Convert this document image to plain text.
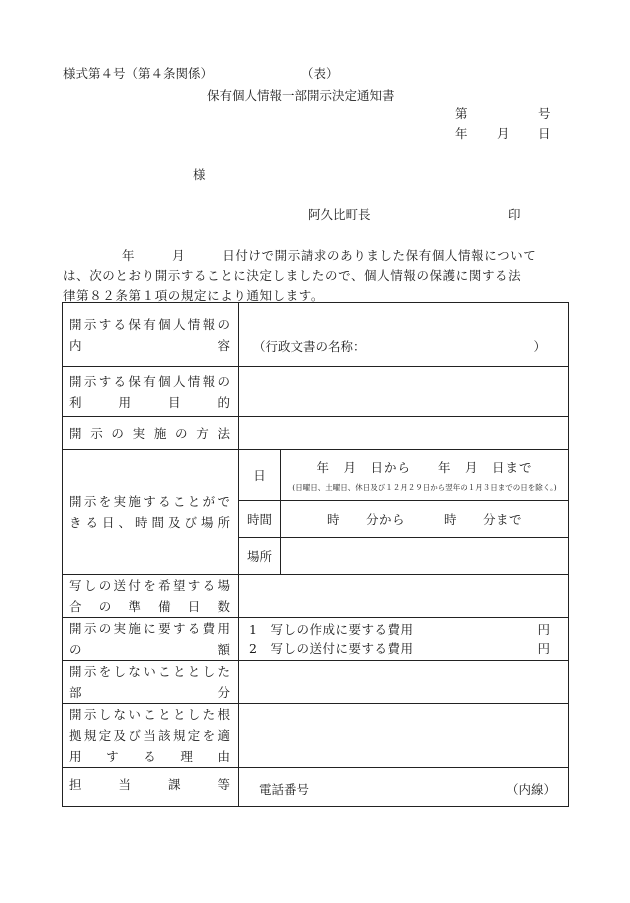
様式第４号（第４条関係）	（表）
保有個人情報一部開示決定通知書
第	号
年 月 日
様
阿久比町長	印
年	月	日付けで開示請求のありました保有個人情報について
は、次のとおり開示することに決定しましたので、個人情報の保護に関する法
律第８２条第１項の規定により通知します。
開示する保有個人情報の内容	（行政文書の名称： ）	

開示する保有個人情報の利用目的		
開示の実施の方法		
開示を実施することができる日、時間及び場所	日	年　月　日から　　年　月　日まで
(日曜日、土曜日、休日及び１２月２９日から翌年の１月３日までの日を除く。)

	時間	時　　分から　　　時　　分まで
	場所	
写しの送付を希望する場合の準備日数		
開示の実施に要する費用の額	1　写しの作成に要する費用 円
2　写しの送付に要する費用 円	

開示をしないこととした部分		
開示しないこととした根拠規定及び当該規定を適用する理由		
担当課等	電話番号 （内線）	
